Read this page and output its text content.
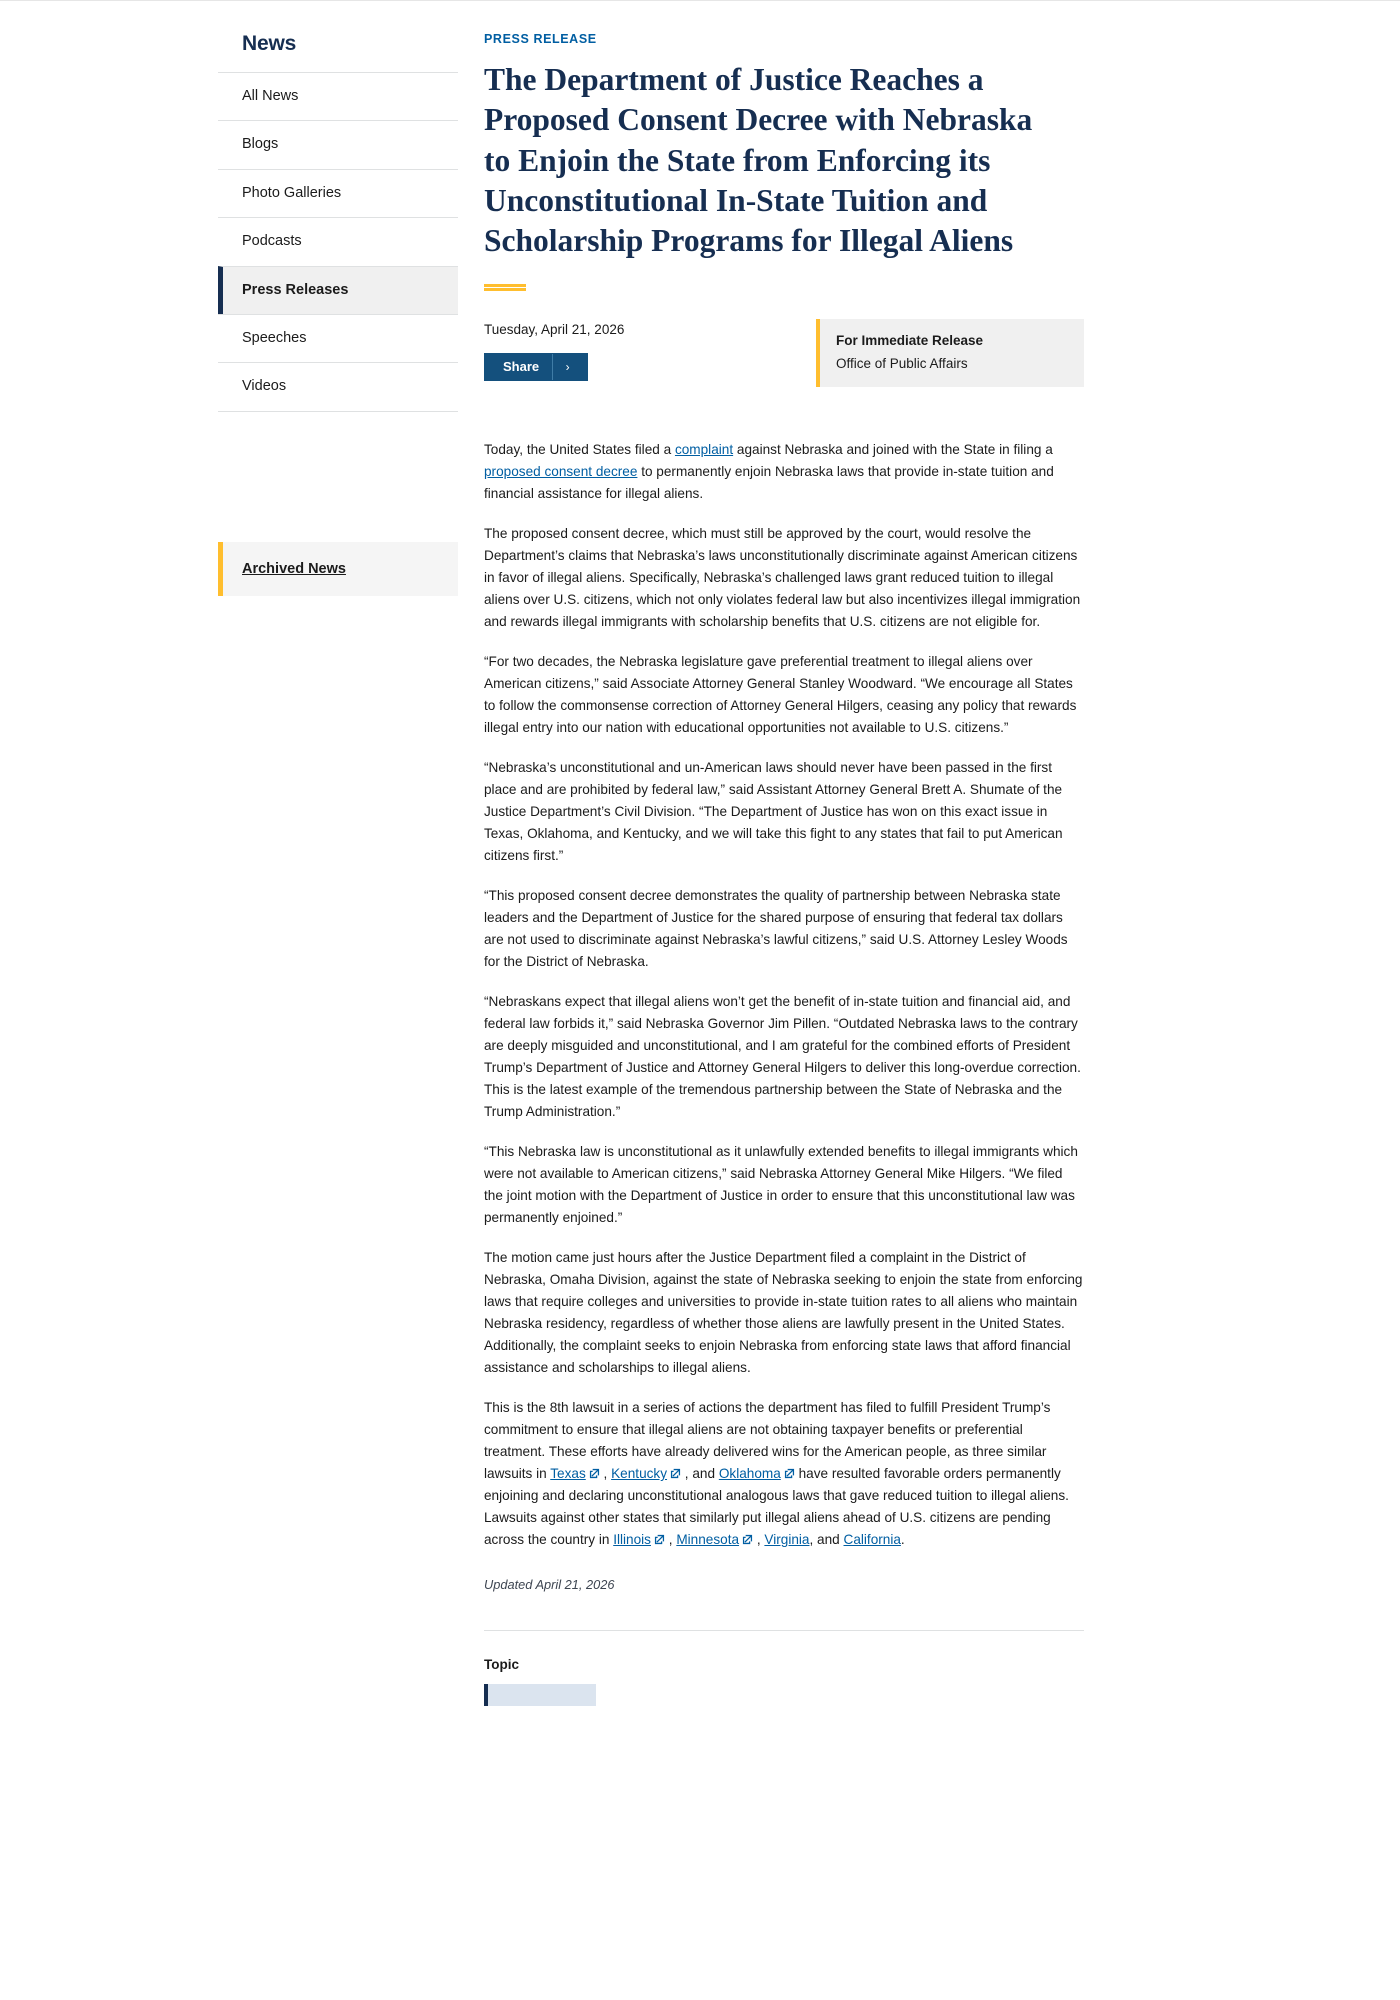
News
All News
Blogs
Photo Galleries
Podcasts
Press Releases
Speeches
Videos
Archived News
PRESS RELEASE
The Department of Justice Reaches a Proposed Consent Decree with Nebraska to Enjoin the State from Enforcing its Unconstitutional In-State Tuition and Scholarship Programs for Illegal Aliens
Tuesday, April 21, 2026
Share	›
For Immediate Release
Office of Public Affairs

Today, the United States filed a complaint against Nebraska and joined with the State in filing a proposed consent decree to permanently enjoin Nebraska laws that provide in-state tuition and financial assistance for illegal aliens.

The proposed consent decree, which must still be approved by the court, would resolve the Department’s claims that Nebraska’s laws unconstitutionally discriminate against American citizens in favor of illegal aliens. Specifically, Nebraska’s challenged laws grant reduced tuition to illegal aliens over U.S. citizens, which not only violates federal law but also incentivizes illegal immigration and rewards illegal immigrants with scholarship benefits that U.S. citizens are not eligible for.

“For two decades, the Nebraska legislature gave preferential treatment to illegal aliens over American citizens,” said Associate Attorney General Stanley Woodward. “We encourage all States to follow the commonsense correction of Attorney General Hilgers, ceasing any policy that rewards illegal entry into our nation with educational opportunities not available to U.S. citizens.”

“Nebraska’s unconstitutional and un-American laws should never have been passed in the first place and are prohibited by federal law,” said Assistant Attorney General Brett A. Shumate of the Justice Department’s Civil Division. “The Department of Justice has won on this exact issue in Texas, Oklahoma, and Kentucky, and we will take this fight to any states that fail to put American citizens first.”

“This proposed consent decree demonstrates the quality of partnership between Nebraska state leaders and the Department of Justice for the shared purpose of ensuring that federal tax dollars are not used to discriminate against Nebraska’s lawful citizens,” said U.S. Attorney Lesley Woods for the District of Nebraska.

“Nebraskans expect that illegal aliens won’t get the benefit of in-state tuition and financial aid, and federal law forbids it,” said Nebraska Governor Jim Pillen. “Outdated Nebraska laws to the contrary are deeply misguided and unconstitutional, and I am grateful for the combined efforts of President Trump’s Department of Justice and Attorney General Hilgers to deliver this long-overdue correction. This is the latest example of the tremendous partnership between the State of Nebraska and the Trump Administration.”

“This Nebraska law is unconstitutional as it unlawfully extended benefits to illegal immigrants which were not available to American citizens,” said Nebraska Attorney General Mike Hilgers. “We filed the joint motion with the Department of Justice in order to ensure that this unconstitutional law was permanently enjoined.”

The motion came just hours after the Justice Department filed a complaint in the District of Nebraska, Omaha Division, against the state of Nebraska seeking to enjoin the state from enforcing laws that require colleges and universities to provide in-state tuition rates to all aliens who maintain Nebraska residency, regardless of whether those aliens are lawfully present in the United States. Additionally, the complaint seeks to enjoin Nebraska from enforcing state laws that afford financial assistance and scholarships to illegal aliens.

This is the 8th lawsuit in a series of actions the department has filed to fulfill President Trump’s commitment to ensure that illegal aliens are not obtaining taxpayer benefits or preferential treatment. These efforts have already delivered wins for the American people, as three similar lawsuits in Texas
, Kentucky
, and Oklahoma
have resulted favorable orders permanently enjoining and declaring unconstitutional analogous laws that gave reduced tuition to illegal aliens. Lawsuits against other states that similarly put illegal aliens ahead of U.S. citizens are pending across the country in Illinois
, Minnesota
, Virginia, and California.

Updated April 21, 2026
Topic
